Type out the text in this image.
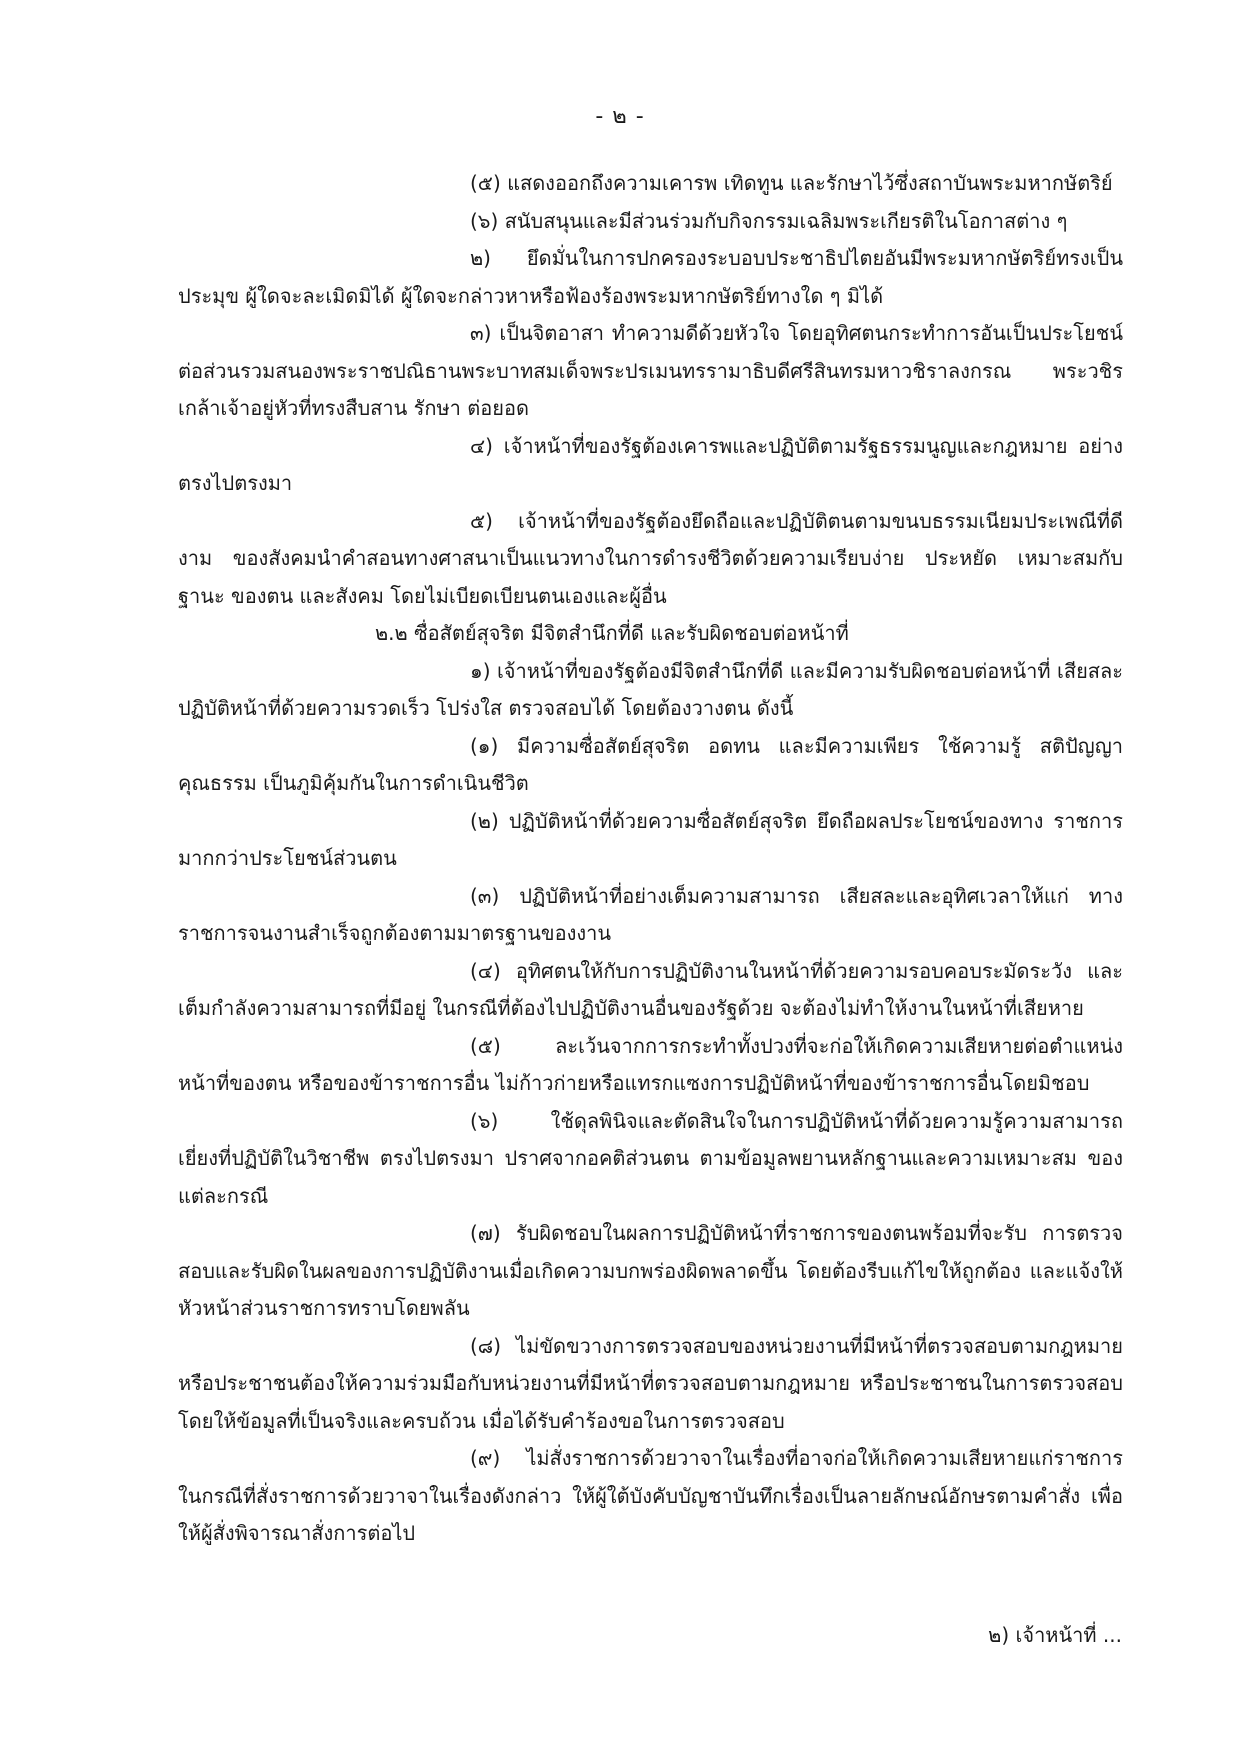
- ๒ -

(๕) แสดงออกถึงความเคารพ เทิดทูน และรักษาไว้ซึ่งสถาบันพระมหากษัตริย์

(๖) สนับสนุนและมีส่วนร่วมกับกิจกรรมเฉลิมพระเกียรติในโอกาสต่าง ๆ

๒) ยึดมั่นในการปกครองระบอบประชาธิปไตยอันมีพระมหากษัตริย์ทรงเป็นประมุข ผู้ใดจะละเมิดมิได้ ผู้ใดจะกล่าวหาหรือฟ้องร้องพระมหากษัตริย์ทางใด ๆ มิได้

๓) เป็นจิตอาสา ทำความดีด้วยหัวใจ โดยอุทิศตนกระทำการอันเป็นประโยชน์ต่อส่วนรวมสนองพระราชปณิธานพระบาทสมเด็จพระปรเมนทรรามาธิบดีศรีสินทรมหาวชิราลงกรณ พระวชิรเกล้าเจ้าอยู่หัวที่ทรงสืบสาน รักษา ต่อยอด

๔) เจ้าหน้าที่ของรัฐต้องเคารพและปฏิบัติตามรัฐธรรมนูญและกฎหมาย อย่างตรงไปตรงมา

๕) เจ้าหน้าที่ของรัฐต้องยึดถือและปฏิบัติตนตามขนบธรรมเนียมประเพณีที่ดีงาม ของสังคมนำคำสอนทางศาสนาเป็นแนวทางในการดำรงชีวิตด้วยความเรียบง่าย ประหยัด เหมาะสมกับฐานะ ของตน และสังคม โดยไม่เบียดเบียนตนเองและผู้อื่น

๒.๒ ซื่อสัตย์สุจริต มีจิตสำนึกที่ดี และรับผิดชอบต่อหน้าที่

๑) เจ้าหน้าที่ของรัฐต้องมีจิตสำนึกที่ดี และมีความรับผิดชอบต่อหน้าที่ เสียสละ ปฏิบัติหน้าที่ด้วยความรวดเร็ว โปร่งใส ตรวจสอบได้ โดยต้องวางตน ดังนี้

(๑) มีความซื่อสัตย์สุจริต อดทน และมีความเพียร ใช้ความรู้ สติปัญญา คุณธรรม เป็นภูมิคุ้มกันในการดำเนินชีวิต

(๒) ปฏิบัติหน้าที่ด้วยความซื่อสัตย์สุจริต ยึดถือผลประโยชน์ของทาง ราชการมากกว่าประโยชน์ส่วนตน

(๓) ปฏิบัติหน้าที่อย่างเต็มความสามารถ เสียสละและอุทิศเวลาให้แก่ ทางราชการจนงานสำเร็จถูกต้องตามมาตรฐานของงาน

(๔) อุทิศตนให้กับการปฏิบัติงานในหน้าที่ด้วยความรอบคอบระมัดระวัง และเต็มกำลังความสามารถที่มีอยู่ ในกรณีที่ต้องไปปฏิบัติงานอื่นของรัฐด้วย จะต้องไม่ทำให้งานในหน้าที่เสียหาย

(๕) ละเว้นจากการกระทำทั้งปวงที่จะก่อให้เกิดความเสียหายต่อตำแหน่ง หน้าที่ของตน หรือของข้าราชการอื่น ไม่ก้าวก่ายหรือแทรกแซงการปฏิบัติหน้าที่ของข้าราชการอื่นโดยมิชอบ

(๖) ใช้ดุลพินิจและตัดสินใจในการปฏิบัติหน้าที่ด้วยความรู้ความสามารถ เยี่ยงที่ปฏิบัติในวิชาชีพ ตรงไปตรงมา ปราศจากอคติส่วนตน ตามข้อมูลพยานหลักฐานและความเหมาะสม ของแต่ละกรณี

(๗) รับผิดชอบในผลการปฏิบัติหน้าที่ราชการของตนพร้อมที่จะรับ การตรวจสอบและรับผิดในผลของการปฏิบัติงานเมื่อเกิดความบกพร่องผิดพลาดขึ้น โดยต้องรีบแก้ไขให้ถูกต้อง และแจ้งให้หัวหน้าส่วนราชการทราบโดยพลัน

(๘) ไม่ขัดขวางการตรวจสอบของหน่วยงานที่มีหน้าที่ตรวจสอบตามกฎหมาย หรือประชาชนต้องให้ความร่วมมือกับหน่วยงานที่มีหน้าที่ตรวจสอบตามกฎหมาย หรือประชาชนในการตรวจสอบ โดยให้ข้อมูลที่เป็นจริงและครบถ้วน เมื่อได้รับคำร้องขอในการตรวจสอบ

(๙) ไม่สั่งราชการด้วยวาจาในเรื่องที่อาจก่อให้เกิดความเสียหายแก่ราชการ ในกรณีที่สั่งราชการด้วยวาจาในเรื่องดังกล่าว ให้ผู้ใต้บังคับบัญชาบันทึกเรื่องเป็นลายลักษณ์อักษรตามคำสั่ง เพื่อให้ผู้สั่งพิจารณาสั่งการต่อไป

๒) เจ้าหน้าที่ ...
